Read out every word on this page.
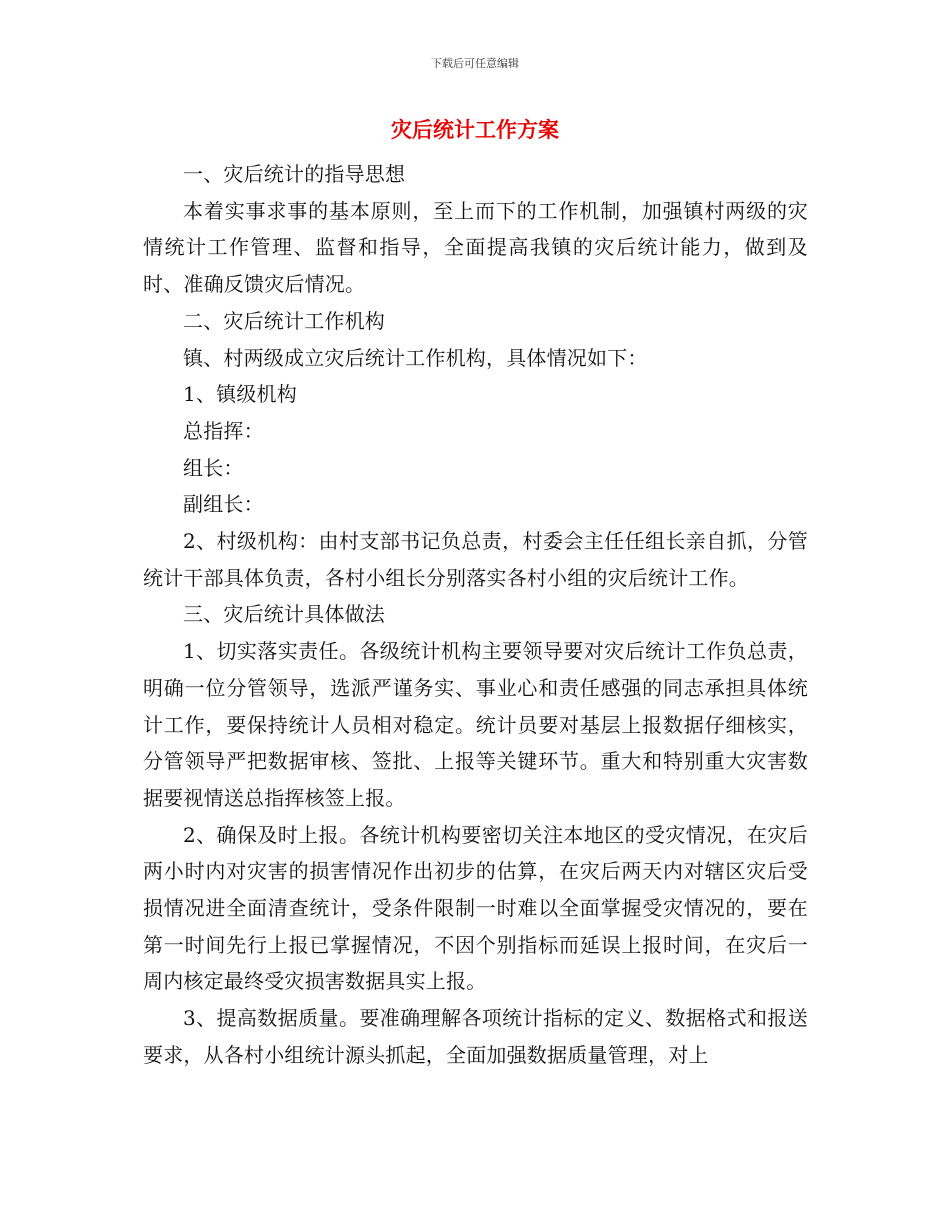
下载后可任意编辑
灾后统计工作方案

一、灾后统计的指导思想

本着实事求事的基本原则，至上而下的工作机制，加强镇村两级的灾情统计工作管理、监督和指导，全面提高我镇的灾后统计能力，做到及时、准确反馈灾后情况。

二、灾后统计工作机构

镇、村两级成立灾后统计工作机构，具体情况如下：

1、镇级机构

总指挥：

组长：

副组长：

2、村级机构：由村支部书记负总责，村委会主任任组长亲自抓，分管统计干部具体负责，各村小组长分别落实各村小组的灾后统计工作。

三、灾后统计具体做法

1、切实落实责任。各级统计机构主要领导要对灾后统计工作负总责，明确一位分管领导，选派严谨务实、事业心和责任感强的同志承担具体统计工作，要保持统计人员相对稳定。统计员要对基层上报数据仔细核实，分管领导严把数据审核、签批、上报等关键环节。重大和特别重大灾害数据要视情送总指挥核签上报。

2、确保及时上报。各统计机构要密切关注本地区的受灾情况，在灾后两小时内对灾害的损害情况作出初步的估算，在灾后两天内对辖区灾后受损情况进全面清查统计，受条件限制一时难以全面掌握受灾情况的，要在第一时间先行上报已掌握情况，不因个别指标而延误上报时间，在灾后一周内核定最终受灾损害数据具实上报。

3、提高数据质量。要准确理解各项统计指标的定义、数据格式和报送要求，从各村小组统计源头抓起，全面加强数据质量管理，对上
